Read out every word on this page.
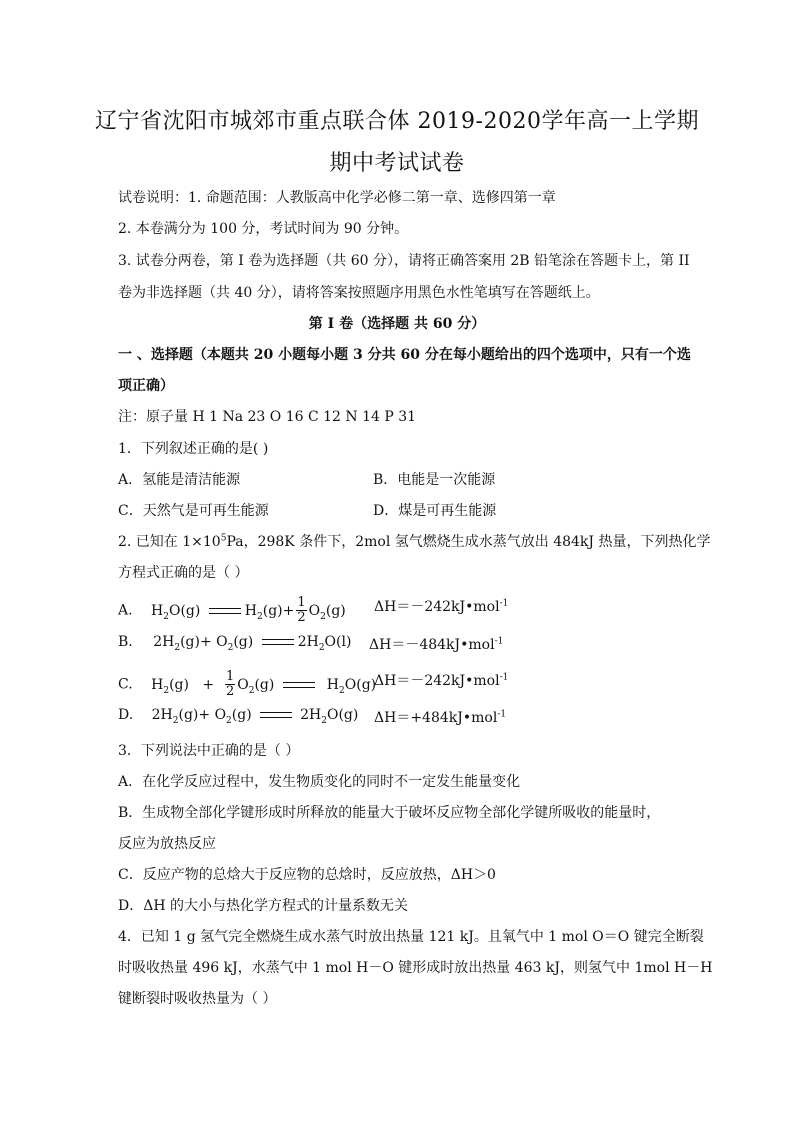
辽宁省沈阳市城郊市重点联合体 2019-2020学年高一上学期
期中考试试卷
试卷说明：1. 命题范围：人教版高中化学必修二第一章、选修四第一章
2. 本卷满分为 100 分，考试时间为 90 分钟。
3. 试卷分两卷，第 I 卷为选择题（共 60 分），请将正确答案用 2B 铅笔涂在答题卡上，第 II
卷为非选择题（共 40 分），请将答案按照题序用黑色水性笔填写在答题纸上。
第 I 卷（选择题 共 60 分）
一 、选择题（本题共 20 小题每小题 3 分共 60 分在每小题给出的四个选项中，只有一个选
项正确）
注：原子量 H 1 Na 23 O 16 C 12 N 14 P 31
1．下列叙述正确的是( )
A．氢能是清洁能源	B．电能是一次能源
C．天然气是可再生能源	D．煤是可再生能源
2. 已知在 $1\times 10^5Pa$，298K 条件下，2mol 氢气燃烧生成水蒸气放出 484kJ 热量，下列热化学
方程式正确的是（ ）
A. $H_2O(g)$	$H_2(g)+ \frac{1}{2} O_2(g)$ ΔH＝－242kJ•mol$^{-1}$
B. $2H_2(g)+ O_2(g)$	$2H_2O(l)$ ΔH＝－484kJ•mol$^{-1}$
C. $H_2(g) + \frac{1}{2} O_2(g)$	$H_2O(g)$
ΔH＝－242kJ•mol$^{-1}$
D. $2H_2(g)+ O_2(g)$	$2H_2O(g)$ ΔH＝+484kJ•mol$^{-1}$
3．下列说法中正确的是（ ）
A．在化学反应过程中，发生物质变化的同时不一定发生能量变化
B．生成物全部化学键形成时所释放的能量大于破坏反应物全部化学键所吸收的能量时，
反应为放热反应
C．反应产物的总焓大于反应物的总焓时，反应放热，ΔH＞0
D．ΔH 的大小与热化学方程式的计量系数无关
4．已知 1 g 氢气完全燃烧生成水蒸气时放出热量 121 kJ。且氧气中 1 mol O＝O 键完全断裂
时吸收热量 496 kJ，水蒸气中 1 mol H－O 键形成时放出热量 463 kJ，则氢气中 1mol H－H
键断裂时吸收热量为（ ）
